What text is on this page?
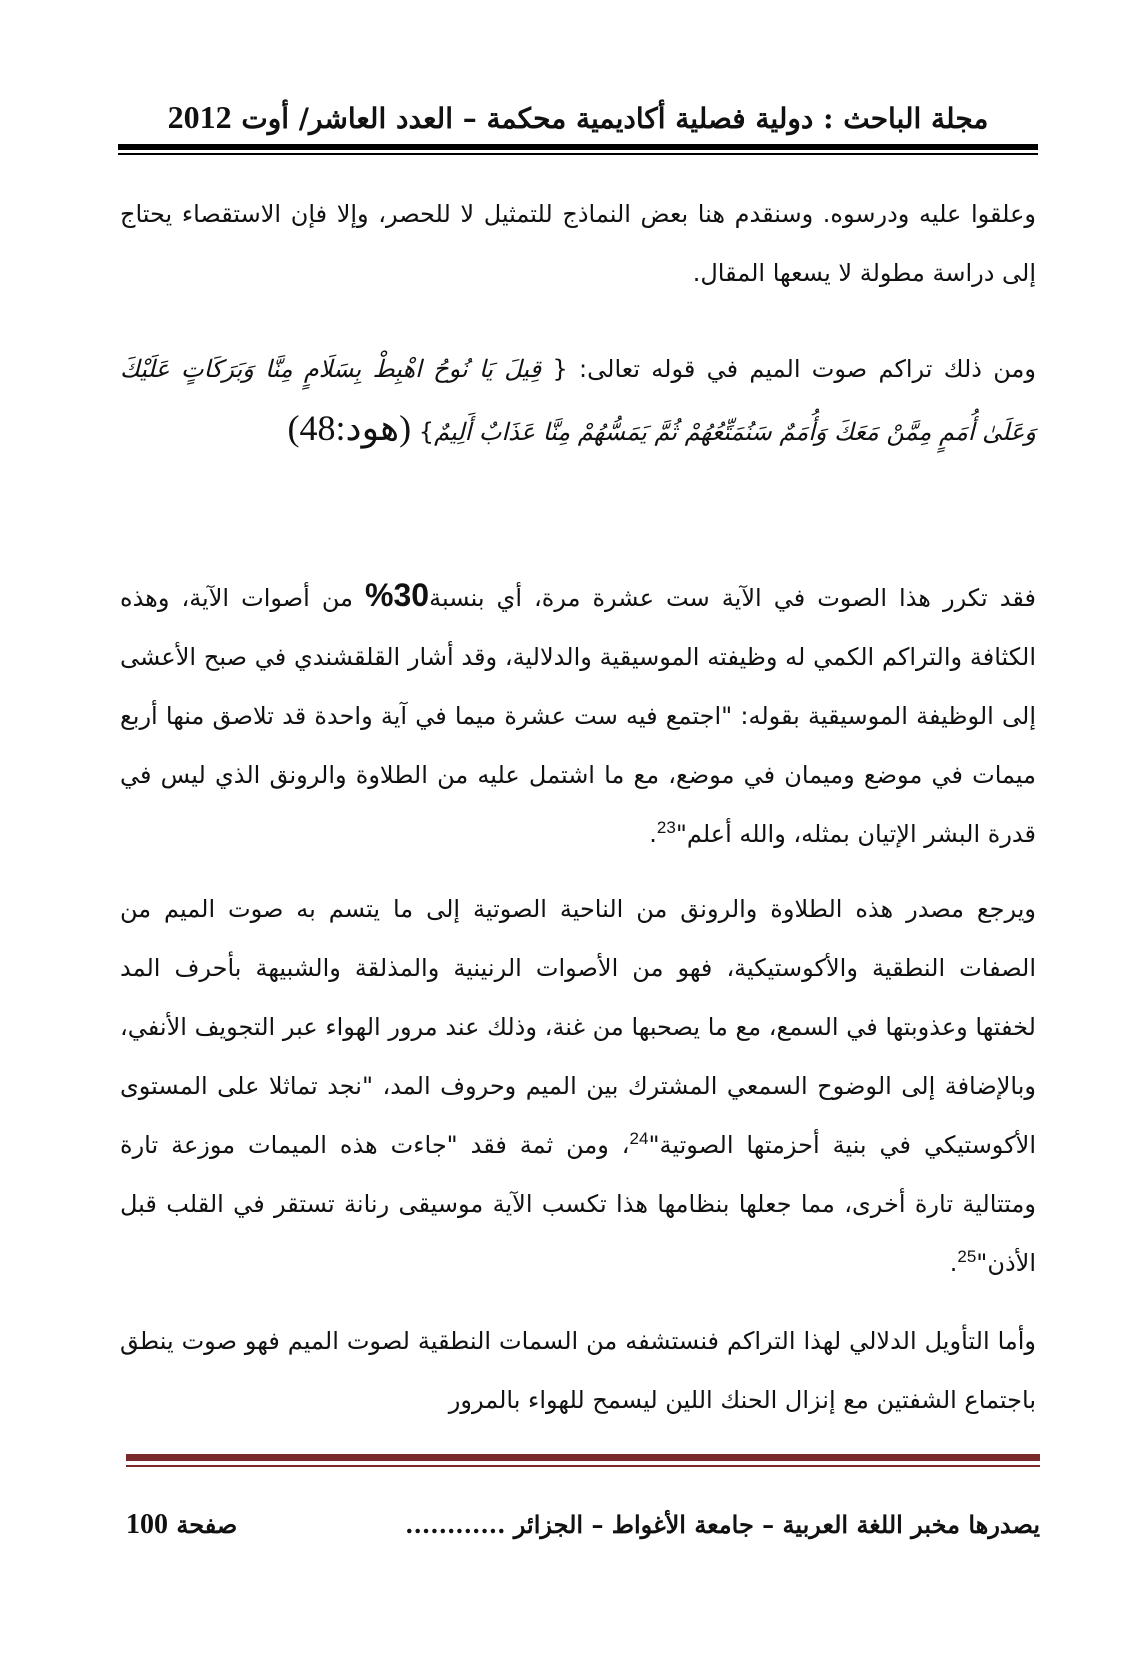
مجلة الباحث : دولية فصلية أكاديمية محكمة – العدد العاشر/ أوت 2012

وعلقوا عليه ودرسوه. وسنقدم هنا بعض النماذج للتمثيل لا للحصر، وإلا فإن الاستقصاء يحتاج إلى دراسة مطولة لا يسعها المقال.

ومن ذلك تراكم صوت الميم في قوله تعالى: { قِيلَ يَا نُوحُ اهْبِطْ بِسَلَامٍ مِنَّا وَبَرَكَاتٍ عَلَيْكَ وَعَلَىٰ أُمَمٍ مِمَّنْ مَعَكَ وَأُمَمٌ سَنُمَتِّعُهُمْ ثُمَّ يَمَسُّهُمْ مِنَّا عَذَابٌ أَلِيمٌ} (هود:48)

فقد تكرر هذا الصوت في الآية ست عشرة مرة، أي بنسبة30% من أصوات الآية، وهذه الكثافة والتراكم الكمي له وظيفته الموسيقية والدلالية، وقد أشار القلقشندي في صبح الأعشى إلى الوظيفة الموسيقية بقوله: "اجتمع فيه ست عشرة ميما في آية واحدة قد تلاصق منها أربع ميمات في موضع وميمان في موضع، مع ما اشتمل عليه من الطلاوة والرونق الذي ليس في قدرة البشر الإتيان بمثله، والله أعلم"$^{23}$.

ويرجع مصدر هذه الطلاوة والرونق من الناحية الصوتية إلى ما يتسم به صوت الميم من الصفات النطقية والأكوستيكية، فهو من الأصوات الرنينية والمذلقة والشبيهة بأحرف المد لخفتها وعذوبتها في السمع، مع ما يصحبها من غنة، وذلك عند مرور الهواء عبر التجويف الأنفي، وبالإضافة إلى الوضوح السمعي المشترك بين الميم وحروف المد، "نجد تماثلا على المستوى الأكوستيكي في بنية أحزمتها الصوتية"$^{24}$، ومن ثمة فقد "جاءت هذه الميمات موزعة تارة ومتتالية تارة أخرى، مما جعلها بنظامها هذا تكسب الآية موسيقى رنانة تستقر في القلب قبل الأذن"$^{25}$.

وأما التأويل الدلالي لهذا التراكم فنستشفه من السمات النطقية لصوت الميم فهو صوت ينطق باجتماع الشفتين مع إنزال الحنك اللين ليسمح للهواء بالمرور

يصدرها مخبر اللغة العربية – جامعة الأغواط – الجزائر ............
صفحة 100
